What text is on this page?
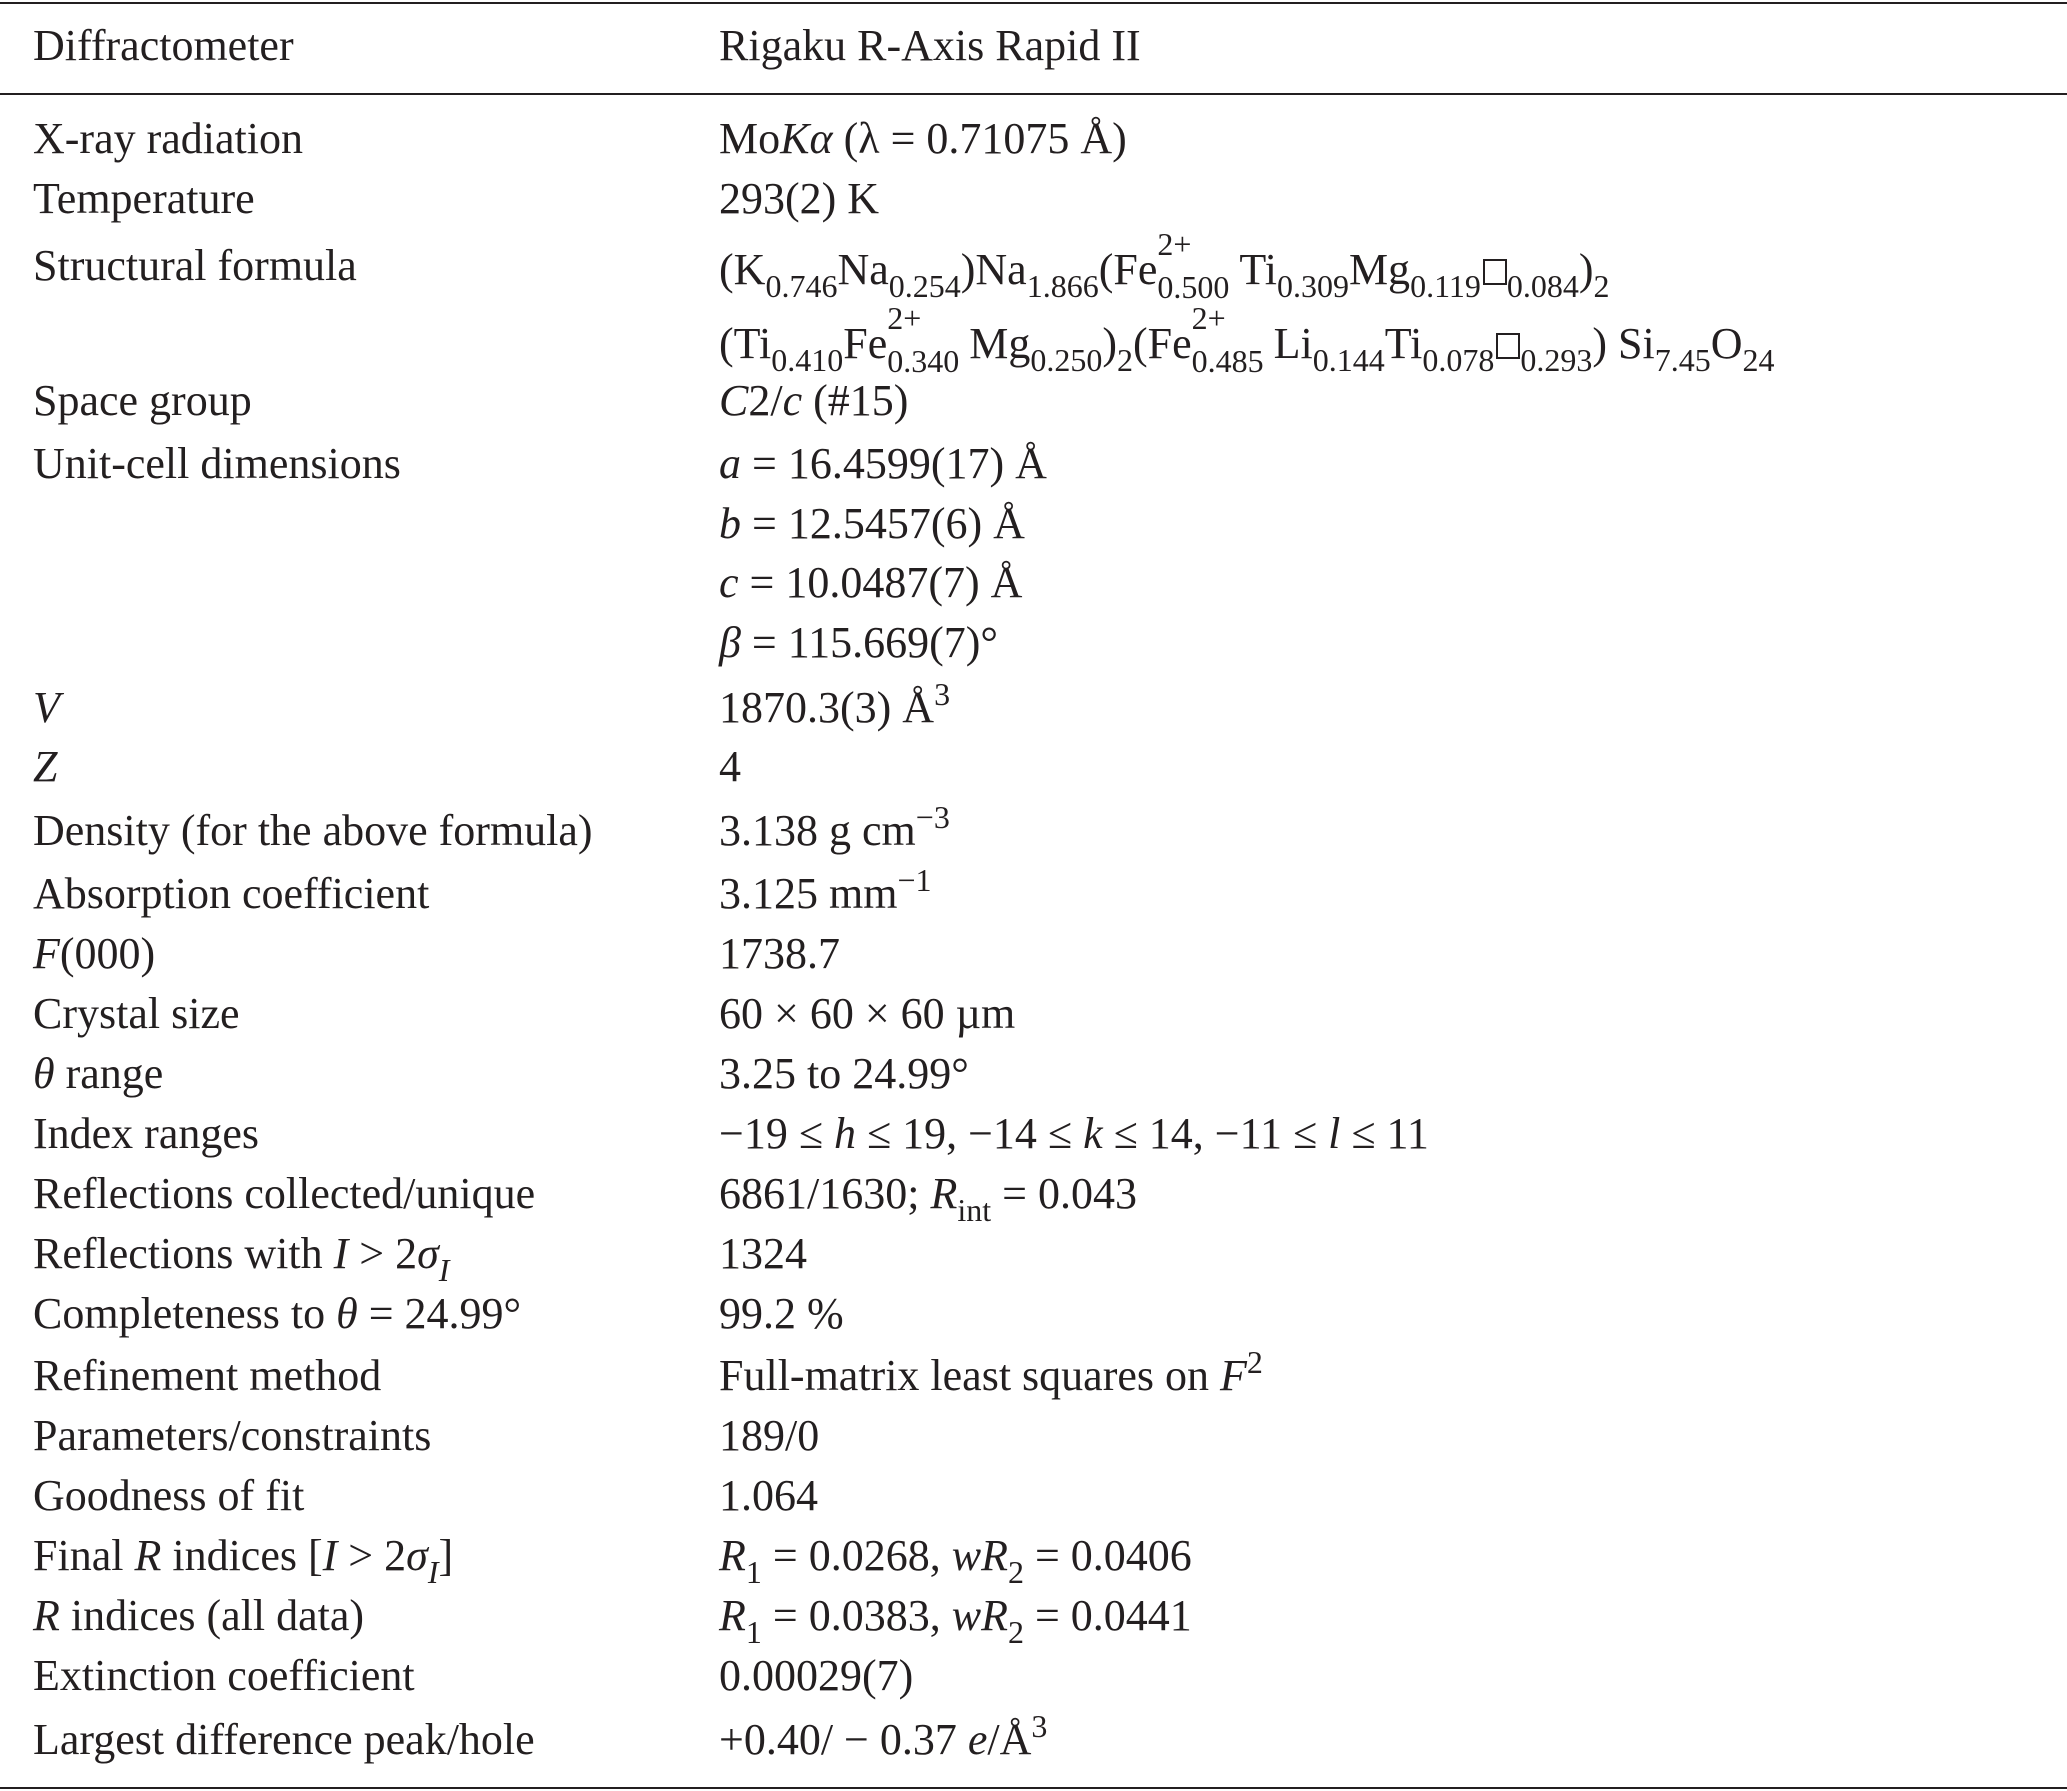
Diffractometer	Rigaku R-Axis Rapid II
X-ray radiation	MoKα (λ = 0.71075 Å)
Temperature	293(2) K
Structural formula	$(K_{0.746}Na_{0.254})Na_{1.866}(Fe$
2+
0.500 $Ti_{0.309}Mg_{0.119}$ $_{0.084})_2$
($Ti_{0.410}Fe$
2+
0.340 $Mg_{0.250})_2(Fe$
2+
0.485 $Li_{0.144}Ti_{0.078}$ $_{0.293}$) $Si_{7.45}O_{24}$
Space group	C2/c (#15)
Unit-cell dimensions	a = 16.4599(17) Å
b = 12.5457(6) Å
c = 10.0487(7) Å
β = 115.669(7)°
V	1870.3(3) $Å^3$
Z	4
Density (for the above formula)	3.138 g $cm^{-3}$
Absorption coefficient	3.125 $mm^{-1}$
F(000)	1738.7
Crystal size	60 × 60 × 60 µm
θ range	3.25 to 24.99°
Index ranges	−19 ≤ h ≤ 19, −14 ≤ k ≤ 14, −11 ≤ l ≤ 11
Reflections collected/unique	6861/1630; $R_{int} = 0.043$
Reflections with $I > 2\sigma_I$	1324
Completeness to θ = 24.99°	99.2 %
Refinement method	Full-matrix least squares on $F^2$
Parameters/constraints	189/0
Goodness of fit	1.064
Final R indices $[I > 2\sigma_I]$	$R_1 = 0.0268$, $wR_2 = 0.0406$
R indices (all data)	$R_1 = 0.0383$, $wR_2 = 0.0441$
Extinction coefficient	0.00029(7)
Largest difference peak/hole	+0.40/ − 0.37 $e/Å^3$
